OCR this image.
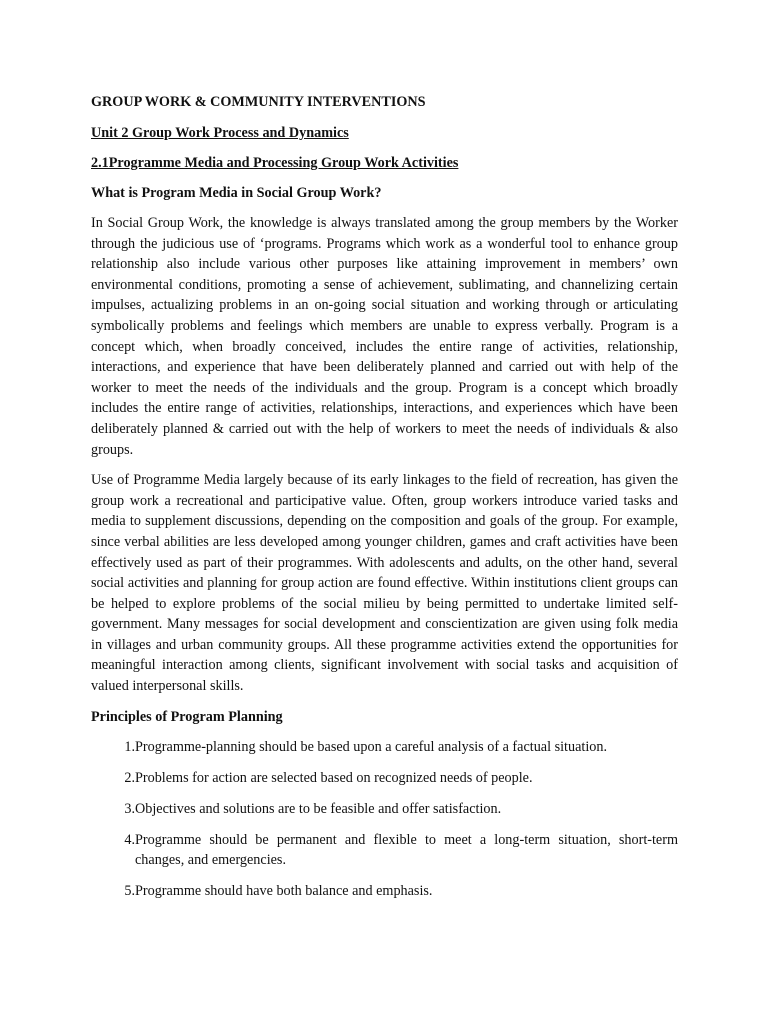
GROUP WORK & COMMUNITY INTERVENTIONS

Unit 2 Group Work Process and Dynamics

2.1Programme Media and Processing Group Work Activities

What is Program Media in Social Group Work?

In Social Group Work, the knowledge is always translated among the group members by the Worker through the judicious use of ‘programs. Programs which work as a wonderful tool to enhance group relationship also include various other purposes like attaining improvement in members’ own environmental conditions, promoting a sense of achievement, sublimating, and channelizing certain impulses, actualizing problems in an on-going social situation and working through or articulating symbolically problems and feelings which members are unable to express verbally. Program is a concept which, when broadly conceived, includes the entire range of activities, relationship, interactions, and experience that have been deliberately planned and carried out with help of the worker to meet the needs of the individuals and the group. Program is a concept which broadly includes the entire range of activities, relationships, interactions, and experiences which have been deliberately planned & carried out with the help of workers to meet the needs of individuals & also groups.

Use of Programme Media largely because of its early linkages to the field of recreation, has given the group work a recreational and participative value. Often, group workers introduce varied tasks and media to supplement discussions, depending on the composition and goals of the group. For example, since verbal abilities are less developed among younger children, games and craft activities have been effectively used as part of their programmes. With adolescents and adults, on the other hand, several social activities and planning for group action are found effective. Within institutions client groups can be helped to explore problems of the social milieu by being permitted to undertake limited self-government. Many messages for social development and conscientization are given using folk media in villages and urban community groups. All these programme activities extend the opportunities for meaningful interaction among clients, significant involvement with social tasks and acquisition of valued interpersonal skills.

Principles of Program Planning

1. Programme-planning should be based upon a careful analysis of a factual situation.
2. Problems for action are selected based on recognized needs of people.
3. Objectives and solutions are to be feasible and offer satisfaction.
4. Programme should be permanent and flexible to meet a long-term situation, short-term changes, and emergencies.
5. Programme should have both balance and emphasis.
